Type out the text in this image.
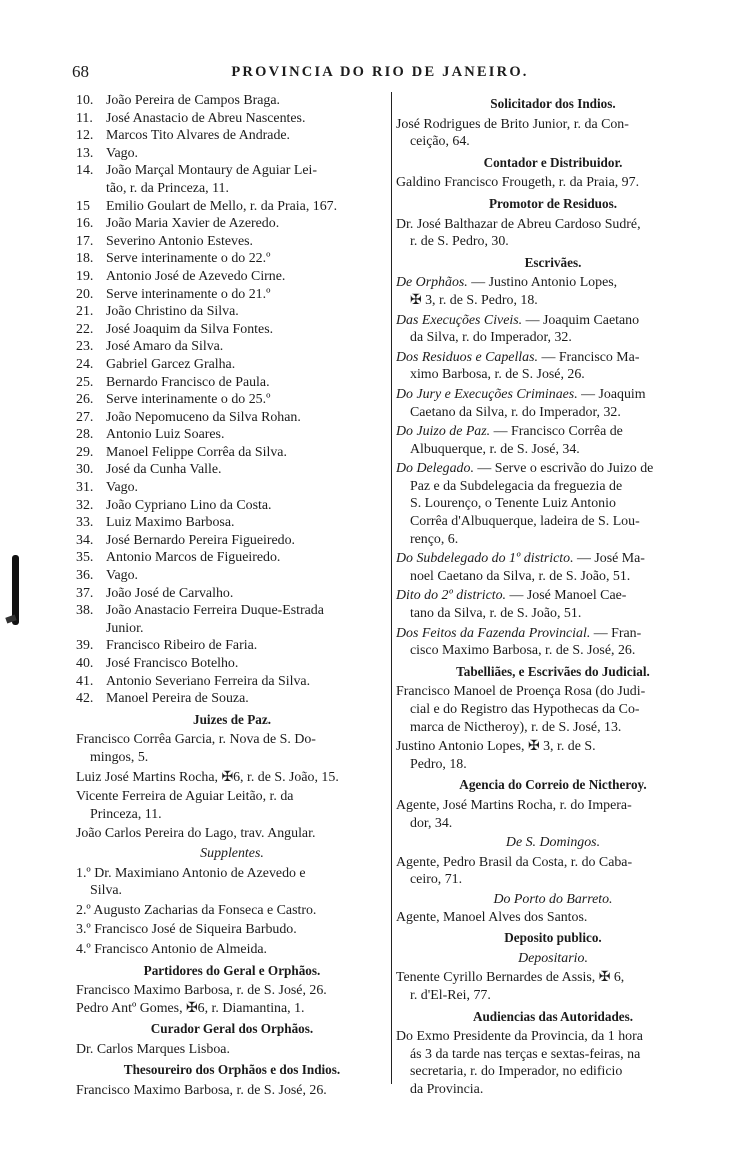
68	PROVINCIA DO RIO DE JANEIRO.
10. João Pereira de Campos Braga.
11. José Anastacio de Abreu Nascentes.
12. Marcos Tito Alvares de Andrade.
13. Vago.
14. João Marçal Montaury de Aguiar Lei-
tão, r. da Princeza, 11.
15	Emilio Goulart de Mello, r. da Praia, 167.
16. João Maria Xavier de Azeredo.
17. Severino Antonio Esteves.
18. Serve interinamente o do 22.º
19. Antonio José de Azevedo Cirne.
20. Serve interinamente o do 21.º
21. João Christino da Silva.
22. José Joaquim da Silva Fontes.
23. José Amaro da Silva.
24. Gabriel Garcez Gralha.
25. Bernardo Francisco de Paula.
26. Serve interinamente o do 25.º
27. João Nepomuceno da Silva Rohan.
28. Antonio Luiz Soares.
29. Manoel Felippe Corrêa da Silva.
30. José da Cunha Valle.
31. Vago.
32. João Cypriano Lino da Costa.
33. Luiz Maximo Barbosa.
34. José Bernardo Pereira Figueiredo.
35. Antonio Marcos de Figueiredo.
36. Vago.
37. João José de Carvalho.
38. João Anastacio Ferreira Duque-Estrada
Junior.
39. Francisco Ribeiro de Faria.
40. José Francisco Botelho.
41. Antonio Severiano Ferreira da Silva.
42. Manoel Pereira de Souza.
Juizes de Paz.
Francisco Corrêa Garcia, r. Nova de S. Do-
mingos, 5.
Luiz José Martins Rocha, ✠6, r. de S. João, 15.
Vicente Ferreira de Aguiar Leitão, r. da
Princeza, 11.
João Carlos Pereira do Lago, trav. Angular.
Supplentes.
1.º Dr. Maximiano Antonio de Azevedo e
Silva.
2.º Augusto Zacharias da Fonseca e Castro.
3.º Francisco José de Siqueira Barbudo.
4.º Francisco Antonio de Almeida.
Partidores do Geral e Orphãos.
Francisco Maximo Barbosa, r. de S. José, 26.
Pedro Antº Gomes, ✠6, r. Diamantina, 1.
Curador Geral dos Orphãos.
Dr. Carlos Marques Lisboa.
Thesoureiro dos Orphãos e dos Indios.
Francisco Maximo Barbosa, r. de S. José, 26.
Solicitador dos Indios.
José Rodrigues de Brito Junior, r. da Con-
ceição, 64.
Contador e Distribuidor.
Galdino Francisco Frougeth, r. da Praia, 97.
Promotor de Residuos.
Dr. José Balthazar de Abreu Cardoso Sudré,
r. de S. Pedro, 30.
Escrivães.
De Orphãos. — Justino Antonio Lopes,
✠ 3, r. de S. Pedro, 18.
Das Execuções Civeis. — Joaquim Caetano
da Silva, r. do Imperador, 32.
Dos Residuos e Capellas. — Francisco Ma-
ximo Barbosa, r. de S. José, 26.
Do Jury e Execuções Criminaes. — Joaquim
Caetano da Silva, r. do Imperador, 32.
Do Juizo de Paz. — Francisco Corrêa de
Albuquerque, r. de S. José, 34.
Do Delegado. — Serve o escrivão do Juizo de
Paz e da Subdelegacia da freguezia de
S. Lourenço, o Tenente Luiz Antonio
Corrêa d'Albuquerque, ladeira de S. Lou-
renço, 6.
Do Subdelegado do 1º districto. — José Ma-
noel Caetano da Silva, r. de S. João, 51.
Dito do 2º districto. — José Manoel Cae-
tano da Silva, r. de S. João, 51.
Dos Feitos da Fazenda Provincial. — Fran-
cisco Maximo Barbosa, r. de S. José, 26.
Tabelliães, e Escrivães do Judicial.
Francisco Manoel de Proença Rosa (do Judi-
cial e do Registro das Hypothecas da Co-
marca de Nictheroy), r. de S. José, 13.
Justino Antonio Lopes, ✠ 3, r. de S.
Pedro, 18.
Agencia do Correio de Nictheroy.
Agente, José Martins Rocha, r. do Impera-
dor, 34.
De S. Domingos.
Agente, Pedro Brasil da Costa, r. do Caba-
ceiro, 71.
Do Porto do Barreto.
Agente, Manoel Alves dos Santos.
Deposito publico.
Depositario.
Tenente Cyrillo Bernardes de Assis, ✠ 6,
r. d'El-Rei, 77.
Audiencias das Autoridades.
Do Exmo Presidente da Provincia, da 1 hora
ás 3 da tarde nas terças e sextas-feiras, na
secretaria, r. do Imperador, no edificio
da Provincia.
